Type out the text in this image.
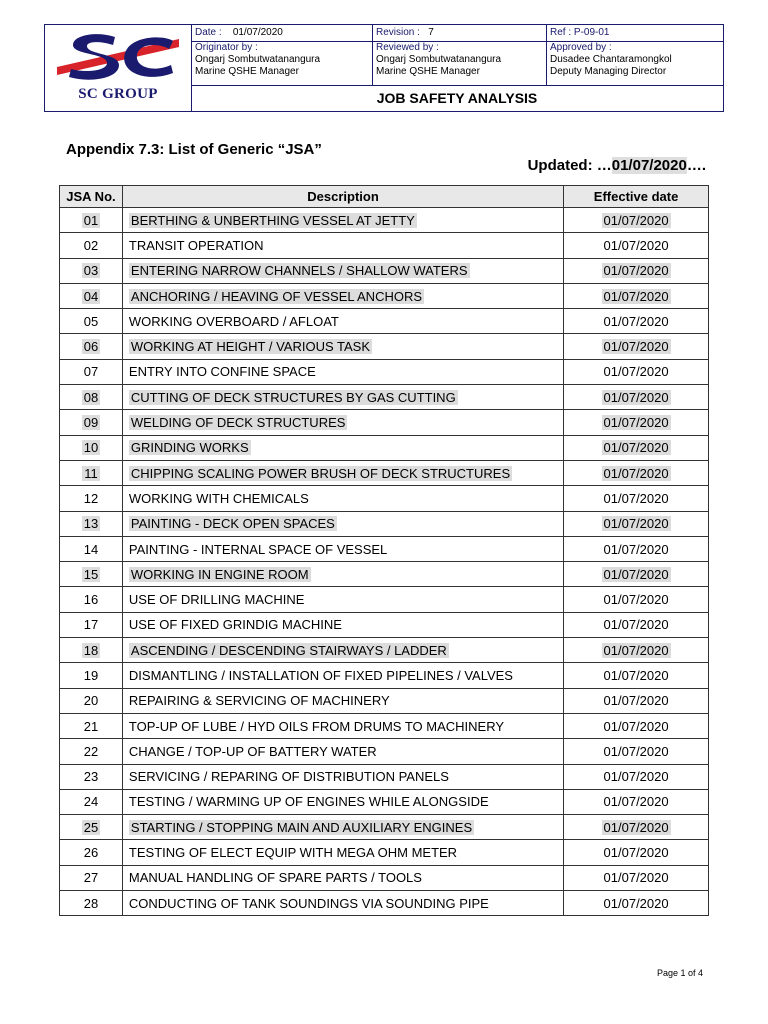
SC GROUP
Date : 01/07/2020	Revision : 7	Ref : P-09-01
Originator by :
Ongarj Sombutwatanangura
Marine QSHE Manager
Reviewed by :
Ongarj Sombutwatanangura
Marine QSHE Manager
Approved by :
Dusadee Chantaramongkol
Deputy Managing Director
JOB SAFETY ANALYSIS
Appendix 7.3: List of Generic “JSA”
Updated: …01/07/2020….
JSA No.	Description	Effective date
01	BERTHING & UNBERTHING VESSEL AT JETTY	01/07/2020
02	TRANSIT OPERATION	01/07/2020
03	ENTERING NARROW CHANNELS / SHALLOW WATERS	01/07/2020
04	ANCHORING / HEAVING OF VESSEL ANCHORS	01/07/2020
05	WORKING OVERBOARD / AFLOAT	01/07/2020
06	WORKING AT HEIGHT / VARIOUS TASK	01/07/2020
07	ENTRY INTO CONFINE SPACE	01/07/2020
08	CUTTING OF DECK STRUCTURES BY GAS CUTTING	01/07/2020
09	WELDING OF DECK STRUCTURES	01/07/2020
10	GRINDING WORKS	01/07/2020
11	CHIPPING SCALING POWER BRUSH OF DECK STRUCTURES	01/07/2020
12	WORKING WITH CHEMICALS	01/07/2020
13	PAINTING - DECK OPEN SPACES	01/07/2020
14	PAINTING - INTERNAL SPACE OF VESSEL	01/07/2020
15	WORKING IN ENGINE ROOM	01/07/2020
16	USE OF DRILLING MACHINE	01/07/2020
17	USE OF FIXED GRINDIG MACHINE	01/07/2020
18	ASCENDING / DESCENDING STAIRWAYS / LADDER	01/07/2020
19	DISMANTLING / INSTALLATION OF FIXED PIPELINES / VALVES	01/07/2020
20	REPAIRING & SERVICING OF MACHINERY	01/07/2020
21	TOP-UP OF LUBE / HYD OILS FROM DRUMS TO MACHINERY	01/07/2020
22	CHANGE / TOP-UP OF BATTERY WATER	01/07/2020
23	SERVICING / REPARING OF DISTRIBUTION PANELS	01/07/2020
24	TESTING / WARMING UP OF ENGINES WHILE ALONGSIDE	01/07/2020
25	STARTING / STOPPING MAIN AND AUXILIARY ENGINES	01/07/2020
26	TESTING OF ELECT EQUIP WITH MEGA OHM METER	01/07/2020
27	MANUAL HANDLING OF SPARE PARTS / TOOLS	01/07/2020
28	CONDUCTING OF TANK SOUNDINGS VIA SOUNDING PIPE	01/07/2020
Page 1 of 4
